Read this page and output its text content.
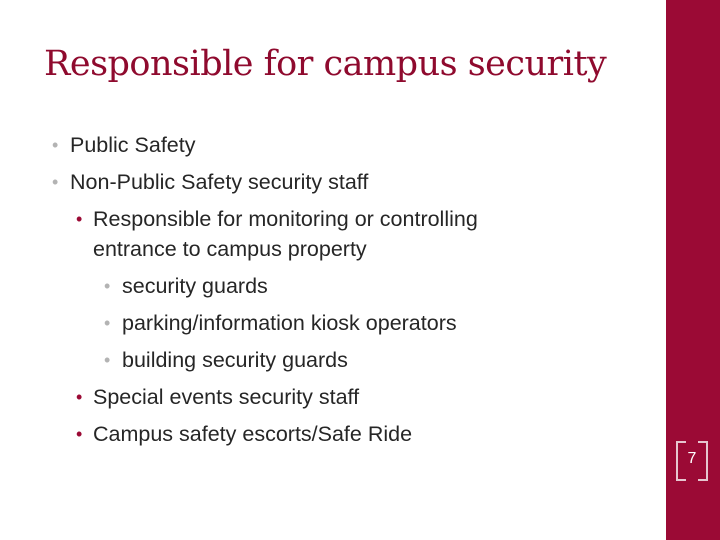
Responsible for campus security
• Public Safety
• Non-Public Safety security staff
• Responsible for monitoring or controlling
entrance to campus property
• security guards
• parking/information kiosk operators
• building security guards
• Special events security staff
• Campus safety escorts/Safe Ride
7
